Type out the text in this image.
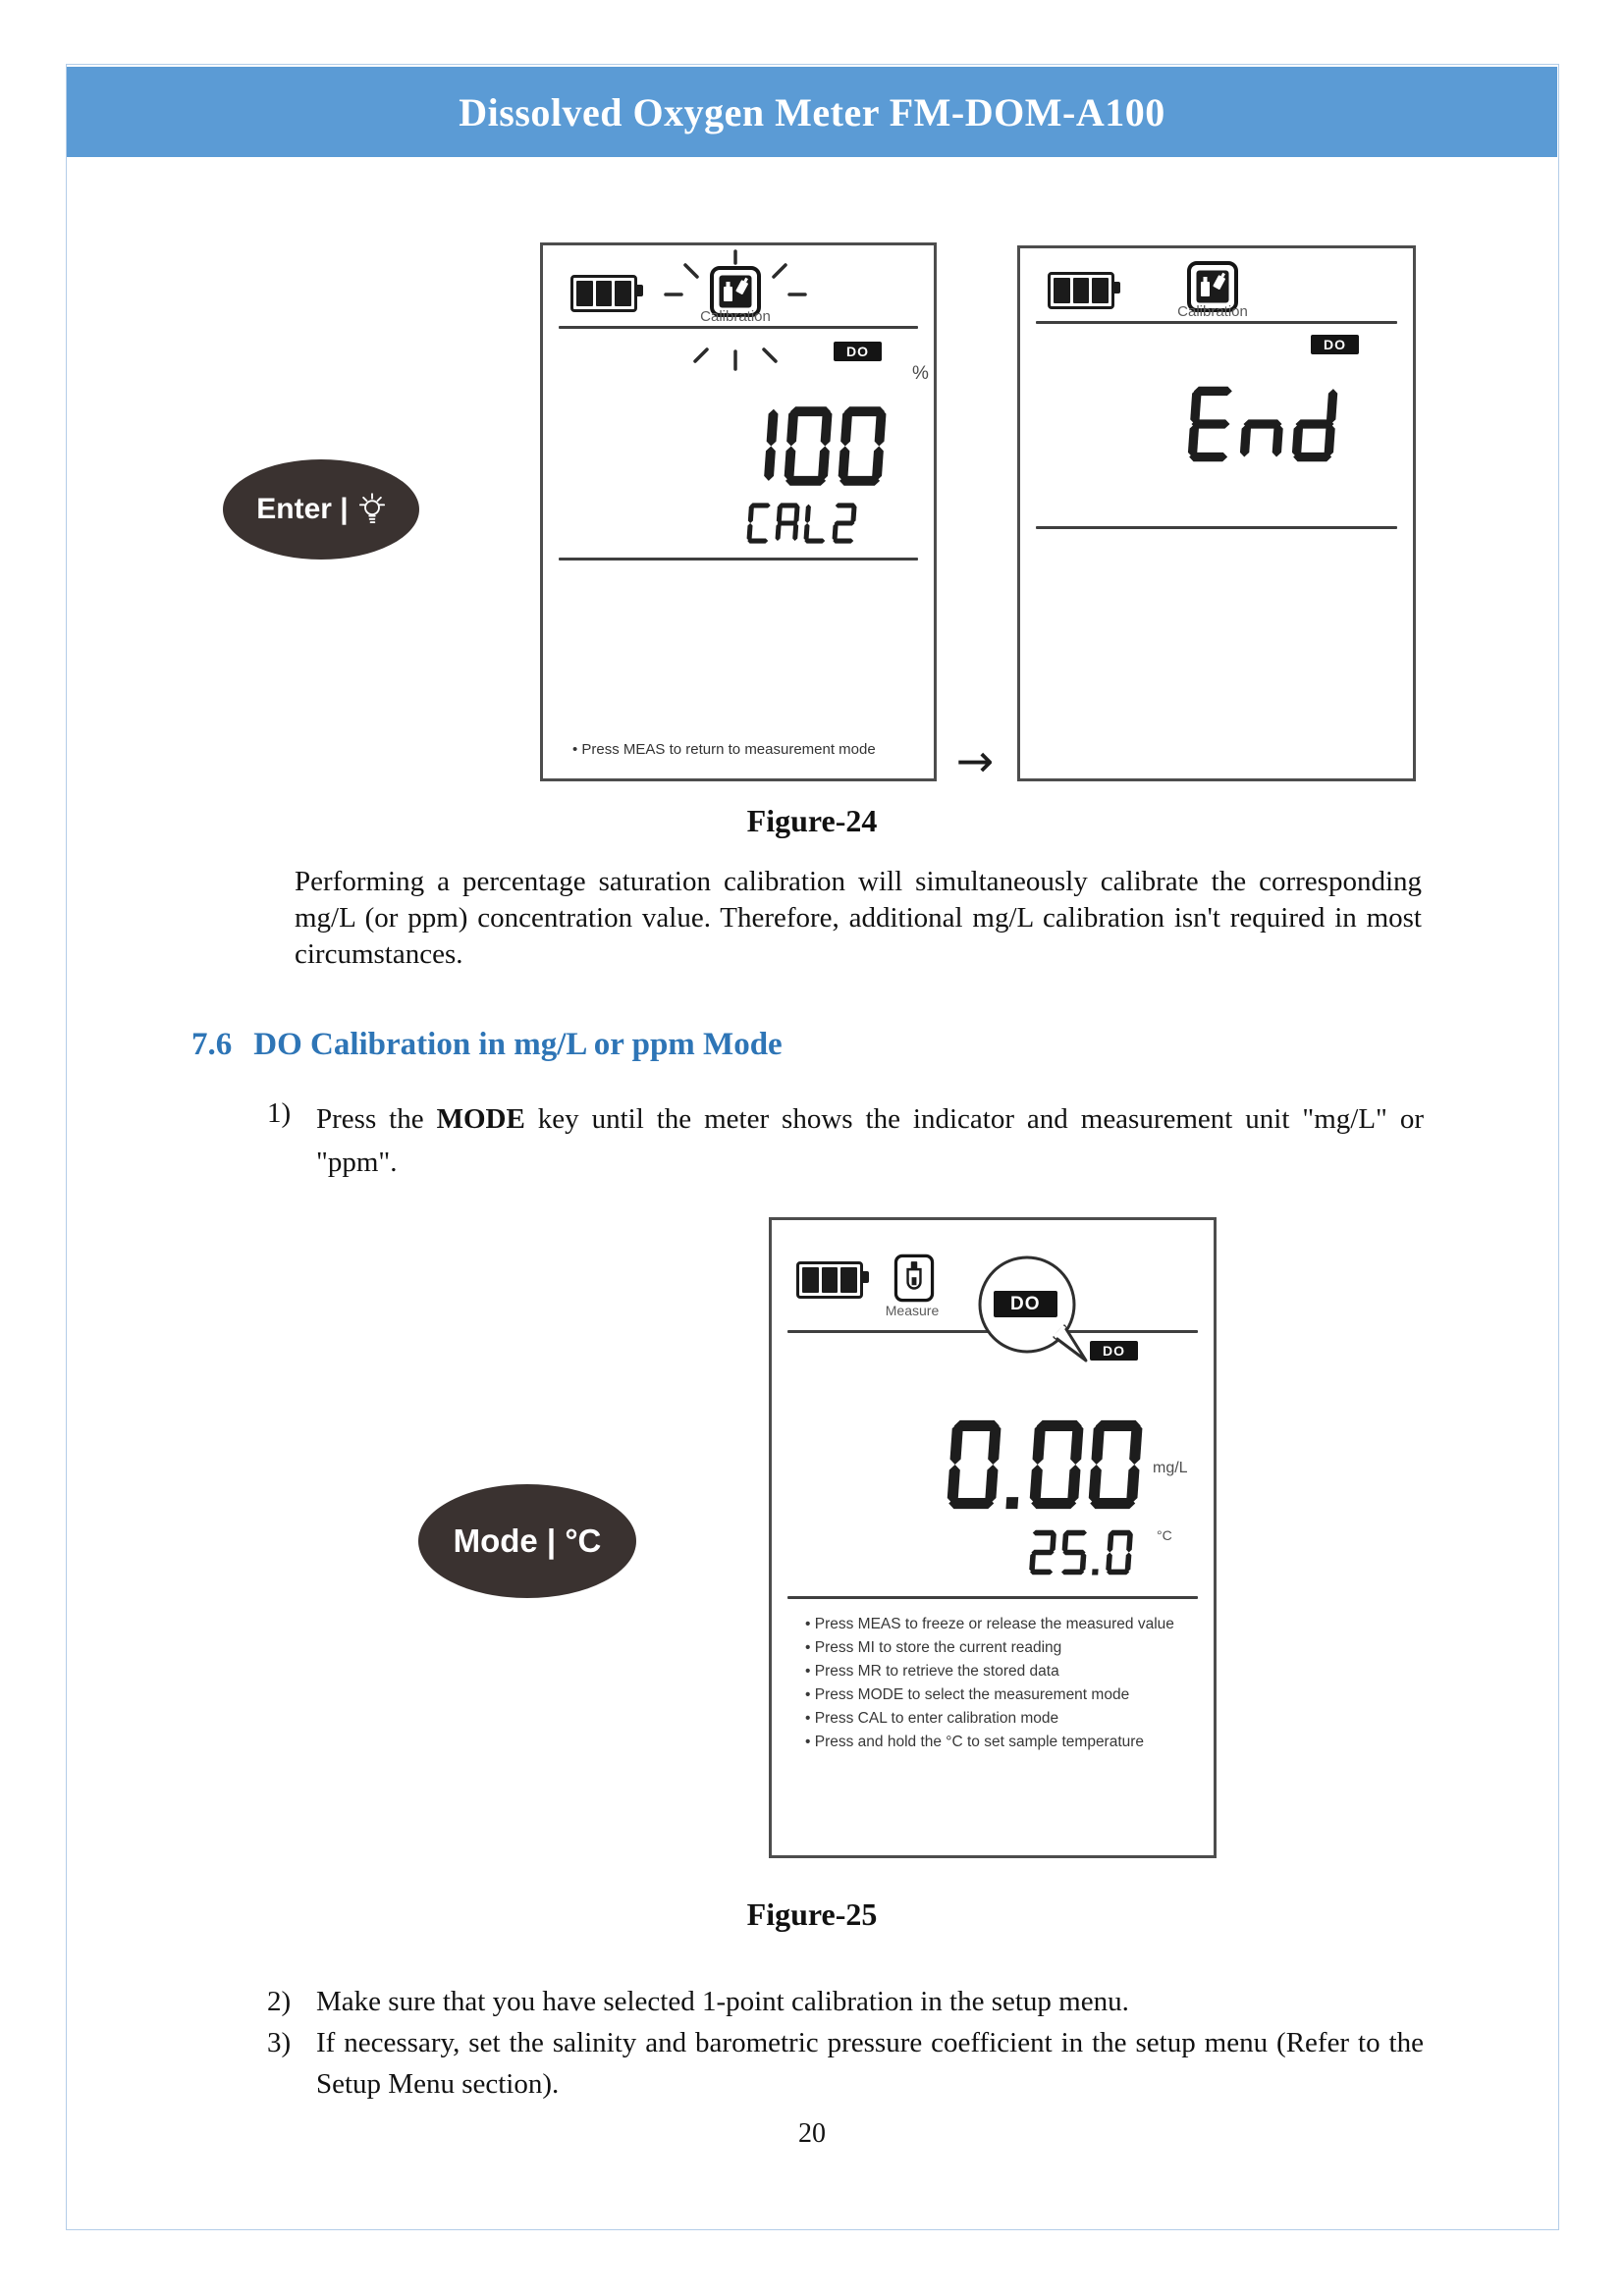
Dissolved Oxygen Meter FM-DOM-A100
Enter |
Calibration
DO
%
• Press MEAS to return to measurement mode	→
Calibration
DO
Figure-24

Performing a percentage saturation calibration will simultaneously calibrate the corresponding mg/L (or ppm) concentration value. Therefore, additional mg/L calibration isn't required in most circumstances.

7.6 DO Calibration in mg/L or ppm Mode
1) Press the MODE key until the meter shows the indicator and measurement unit "mg/L" or "ppm".
Mode | °C
Measure	DO
DO
mg/L
°C
• Press MEAS to freeze or release the measured value
• Press MI to store the current reading
• Press MR to retrieve the stored data
• Press MODE to select the measurement mode
• Press CAL to enter calibration mode
• Press and hold the °C to set sample temperature
Figure-25
2) Make sure that you have selected 1-point calibration in the setup menu.
3) If necessary, set the salinity and barometric pressure coefficient in the setup menu (Refer to the Setup Menu section).
20
